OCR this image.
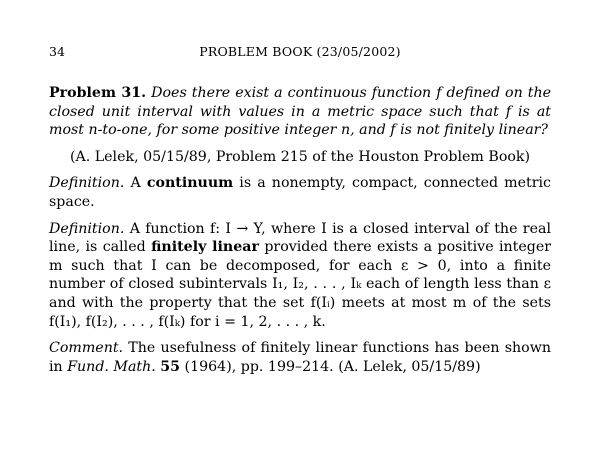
34	PROBLEM BOOK (23/05/2002)

Problem 31. Does there exist a continuous function f defined on the closed unit interval with values in a metric space such that f is at most n-to-one, for some positive integer n, and f is not finitely linear?

(A. Lelek, 05/15/89, Problem 215 of the Houston Problem Book)

Definition. A continuum is a nonempty, compact, connected metric space.

Definition. A function f: I → Y, where I is a closed interval of the real line, is called finitely linear provided there exists a positive integer m such that I can be decomposed, for each ε > 0, into a finite number of closed subintervals I₁, I₂, . . . , Iₖ each of length less than ε and with the property that the set f(Iᵢ) meets at most m of the sets f(I₁), f(I₂), . . . , f(Iₖ) for i = 1, 2, . . . , k.

Comment. The usefulness of finitely linear functions has been shown in Fund. Math. 55 (1964), pp. 199–214. (A. Lelek, 05/15/89)
